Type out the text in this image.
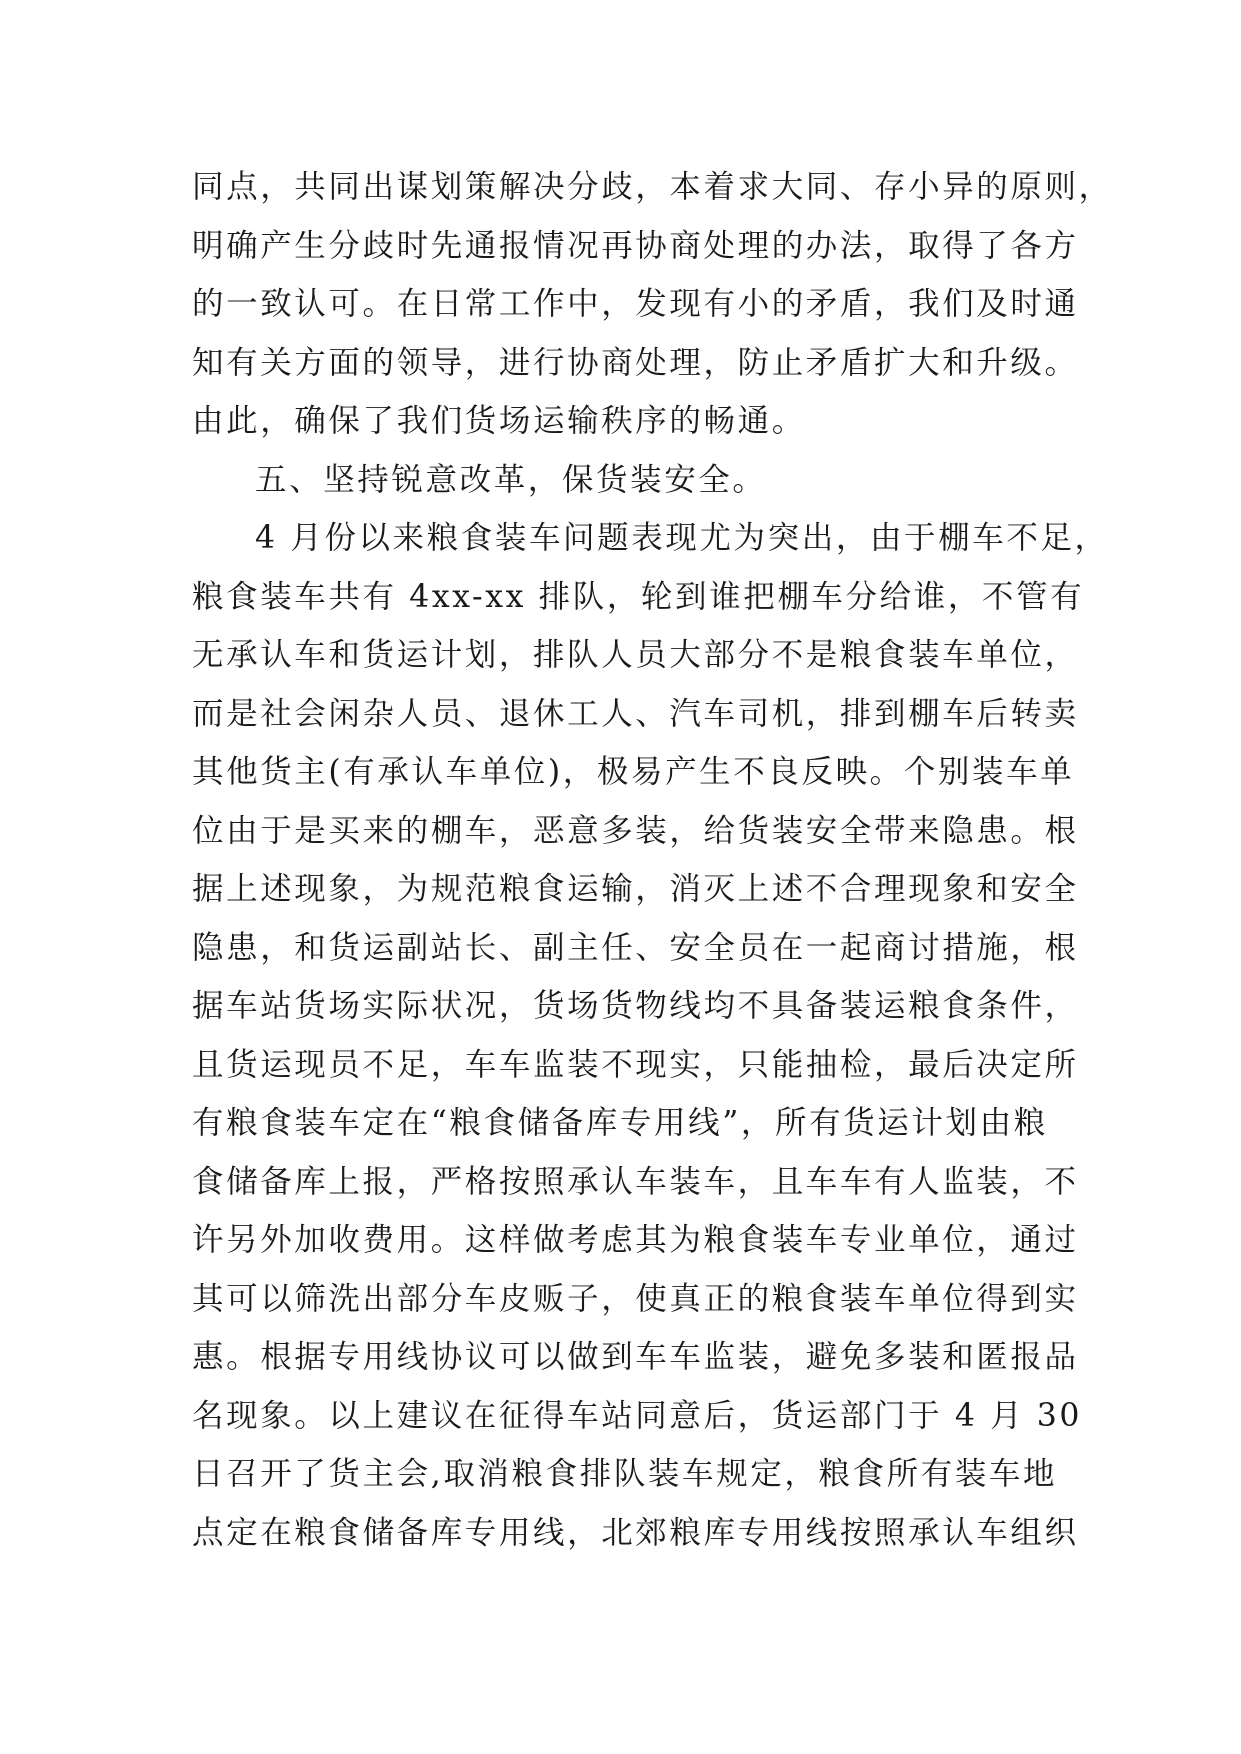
同点，共同出谋划策解决分歧，本着求大同、存小异的原则，
明确产生分歧时先通报情况再协商处理的办法，取得了各方
的一致认可。在日常工作中，发现有小的矛盾，我们及时通
知有关方面的领导，进行协商处理，防止矛盾扩大和升级。
由此，确保了我们货场运输秩序的畅通。
五、坚持锐意改革，保货装安全。
4 月份以来粮食装车问题表现尤为突出，由于棚车不足，
粮食装车共有 4xx-xx 排队，轮到谁把棚车分给谁，不管有
无承认车和货运计划，排队人员大部分不是粮食装车单位，
而是社会闲杂人员、退休工人、汽车司机，排到棚车后转卖
其他货主(有承认车单位)，极易产生不良反映。个别装车单
位由于是买来的棚车，恶意多装，给货装安全带来隐患。根
据上述现象，为规范粮食运输，消灭上述不合理现象和安全
隐患，和货运副站长、副主任、安全员在一起商讨措施，根
据车站货场实际状况，货场货物线均不具备装运粮食条件，
且货运现员不足，车车监装不现实，只能抽检，最后决定所
有粮食装车定在“粮食储备库专用线”，所有货运计划由粮
食储备库上报，严格按照承认车装车，且车车有人监装，不
许另外加收费用。这样做考虑其为粮食装车专业单位，通过
其可以筛洗出部分车皮贩子，使真正的粮食装车单位得到实
惠。根据专用线协议可以做到车车监装，避免多装和匿报品
名现象。以上建议在征得车站同意后，货运部门于 4 月 30
日召开了货主会,取消粮食排队装车规定，粮食所有装车地
点定在粮食储备库专用线，北郊粮库专用线按照承认车组织
